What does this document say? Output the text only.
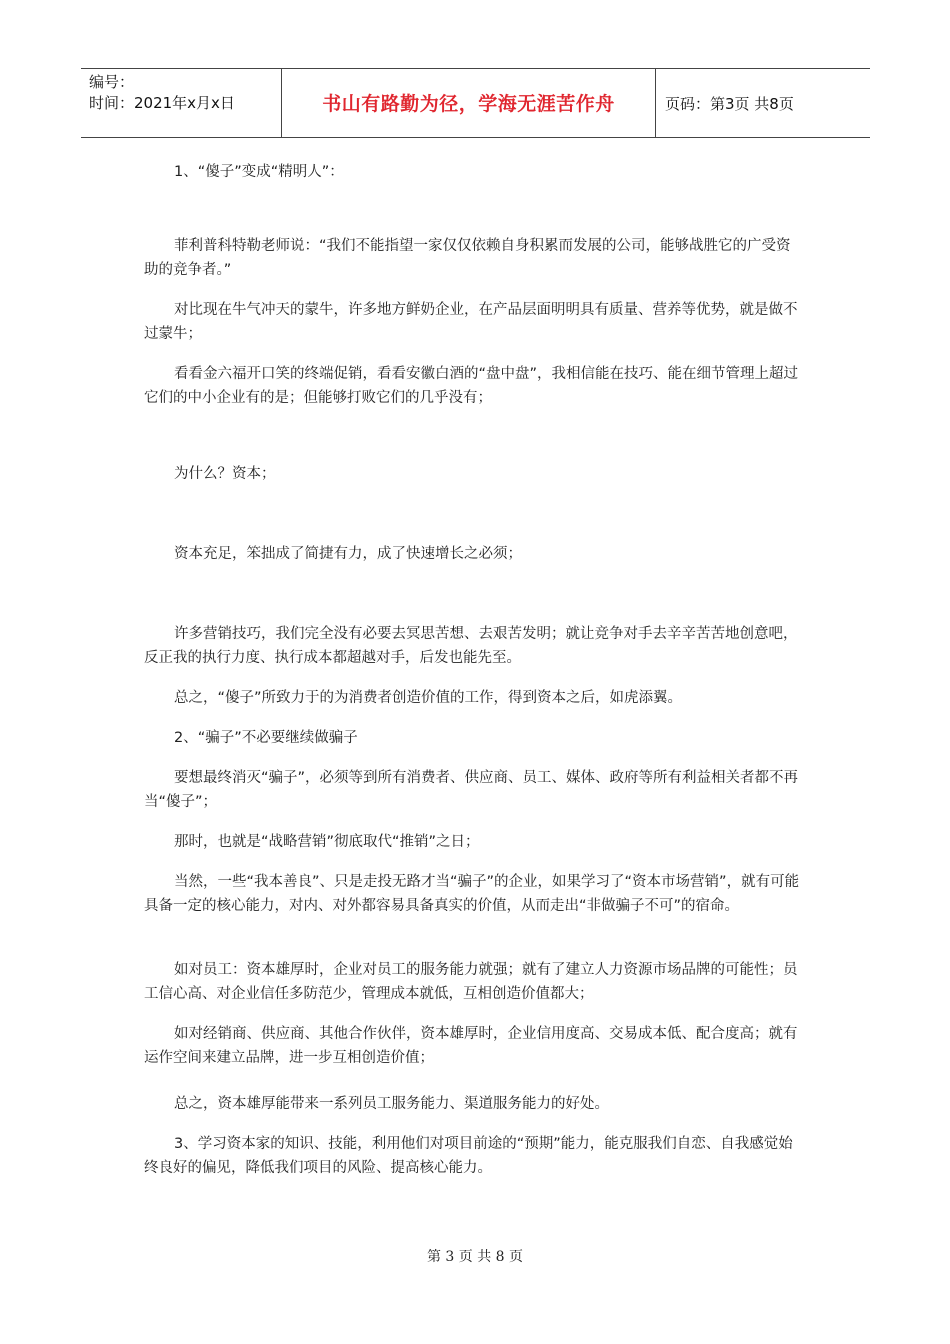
编号：
时间：2021年x月x日	书山有路勤为径，学海无涯苦作舟	页码：第3页 共8页
1、“傻子”变成“精明人”：
菲利普科特勒老师说：“我们不能指望一家仅仅依赖自身积累而发展的公司，能够战胜它的广受资助的竞争者。”
对比现在牛气冲天的蒙牛，许多地方鲜奶企业，在产品层面明明具有质量、营养等优势，就是做不过蒙牛；
看看金六福开口笑的终端促销，看看安徽白酒的“盘中盘”，我相信能在技巧、能在细节管理上超过它们的中小企业有的是；但能够打败它们的几乎没有；
为什么？资本；
资本充足，笨拙成了简捷有力，成了快速增长之必须；
许多营销技巧，我们完全没有必要去冥思苦想、去艰苦发明；就让竞争对手去辛辛苦苦地创意吧，反正我的执行力度、执行成本都超越对手，后发也能先至。
总之，“傻子”所致力于的为消费者创造价值的工作，得到资本之后，如虎添翼。
2、“骗子”不必要继续做骗子
要想最终消灭“骗子”，必须等到所有消费者、供应商、员工、媒体、政府等所有利益相关者都不再当“傻子”；
那时，也就是“战略营销”彻底取代“推销”之日；
当然，一些“我本善良”、只是走投无路才当“骗子”的企业，如果学习了“资本市场营销”，就有可能具备一定的核心能力，对内、对外都容易具备真实的价值，从而走出“非做骗子不可”的宿命。
如对员工：资本雄厚时，企业对员工的服务能力就强；就有了建立人力资源市场品牌的可能性；员工信心高、对企业信任多防范少，管理成本就低，互相创造价值都大；
如对经销商、供应商、其他合作伙伴，资本雄厚时，企业信用度高、交易成本低、配合度高；就有运作空间来建立品牌，进一步互相创造价值；
总之，资本雄厚能带来一系列员工服务能力、渠道服务能力的好处。
3、学习资本家的知识、技能，利用他们对项目前途的“预期”能力，能克服我们自恋、自我感觉始终良好的偏见，降低我们项目的风险、提高核心能力。
第 3 页 共 8 页
